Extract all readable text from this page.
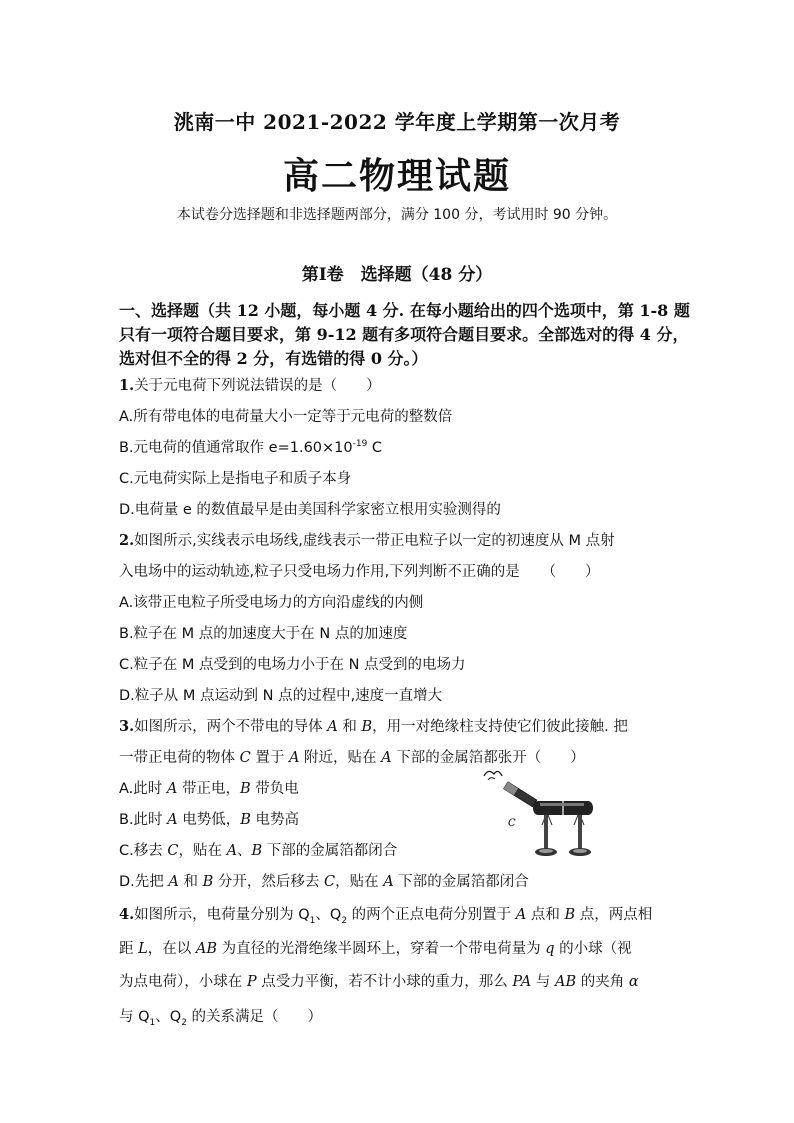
洮南一中 2021-2022 学年度上学期第一次月考
高二物理试题
本试卷分选择题和非选择题两部分，满分 100 分，考试用时 90 分钟。
第Ⅰ卷　选择题（48 分）
一、选择题（共 12 小题，每小题 4 分. 在每小题给出的四个选项中，第 1-8 题
只有一项符合题目要求，第 9-12 题有多项符合题目要求。全部选对的得 4 分，
选对但不全的得 2 分，有选错的得 0 分。）
1.关于元电荷下列说法错误的是（　　）
A.所有带电体的电荷量大小一定等于元电荷的整数倍
B.元电荷的值通常取作 $e=1.60\times 10^{-19}$ C
C.元电荷实际上是指电子和质子本身
D.电荷量 e 的数值最早是由美国科学家密立根用实验测得的
2.如图所示,实线表示电场线,虚线表示一带正电粒子以一定的初速度从 M 点射
入电场中的运动轨迹,粒子只受电场力作用,下列判断不正确的是　　（　　）
A.该带正电粒子所受电场力的方向沿虚线的内侧
B.粒子在 M 点的加速度大于在 N 点的加速度
C.粒子在 M 点受到的电场力小于在 N 点受到的电场力
D.粒子从 M 点运动到 N 点的过程中,速度一直增大
3.如图所示，两个不带电的导体 A 和 B，用一对绝缘柱支持使它们彼此接触. 把
一带正电荷的物体 C 置于 A 附近，贴在 A 下部的金属箔都张开（　　）
A.此时 A 带正电，B 带负电
B.此时 A 电势低，B 电势高
C.移去 C，贴在 A、B 下部的金属箔都闭合
D.先把 A 和 B 分开，然后移去 C，贴在 A 下部的金属箔都闭合
C
4.如图所示，电荷量分别为 $Q_1$、$Q_2$ 的两个正点电荷分别置于 A 点和 B 点，两点相
距 L，在以 AB 为直径的光滑绝缘半圆环上，穿着一个带电荷量为 q 的小球（视
为点电荷），小球在 P 点受力平衡，若不计小球的重力，那么 PA 与 AB 的夹角 α
与 $Q_1$、$Q_2$ 的关系满足（　　）
